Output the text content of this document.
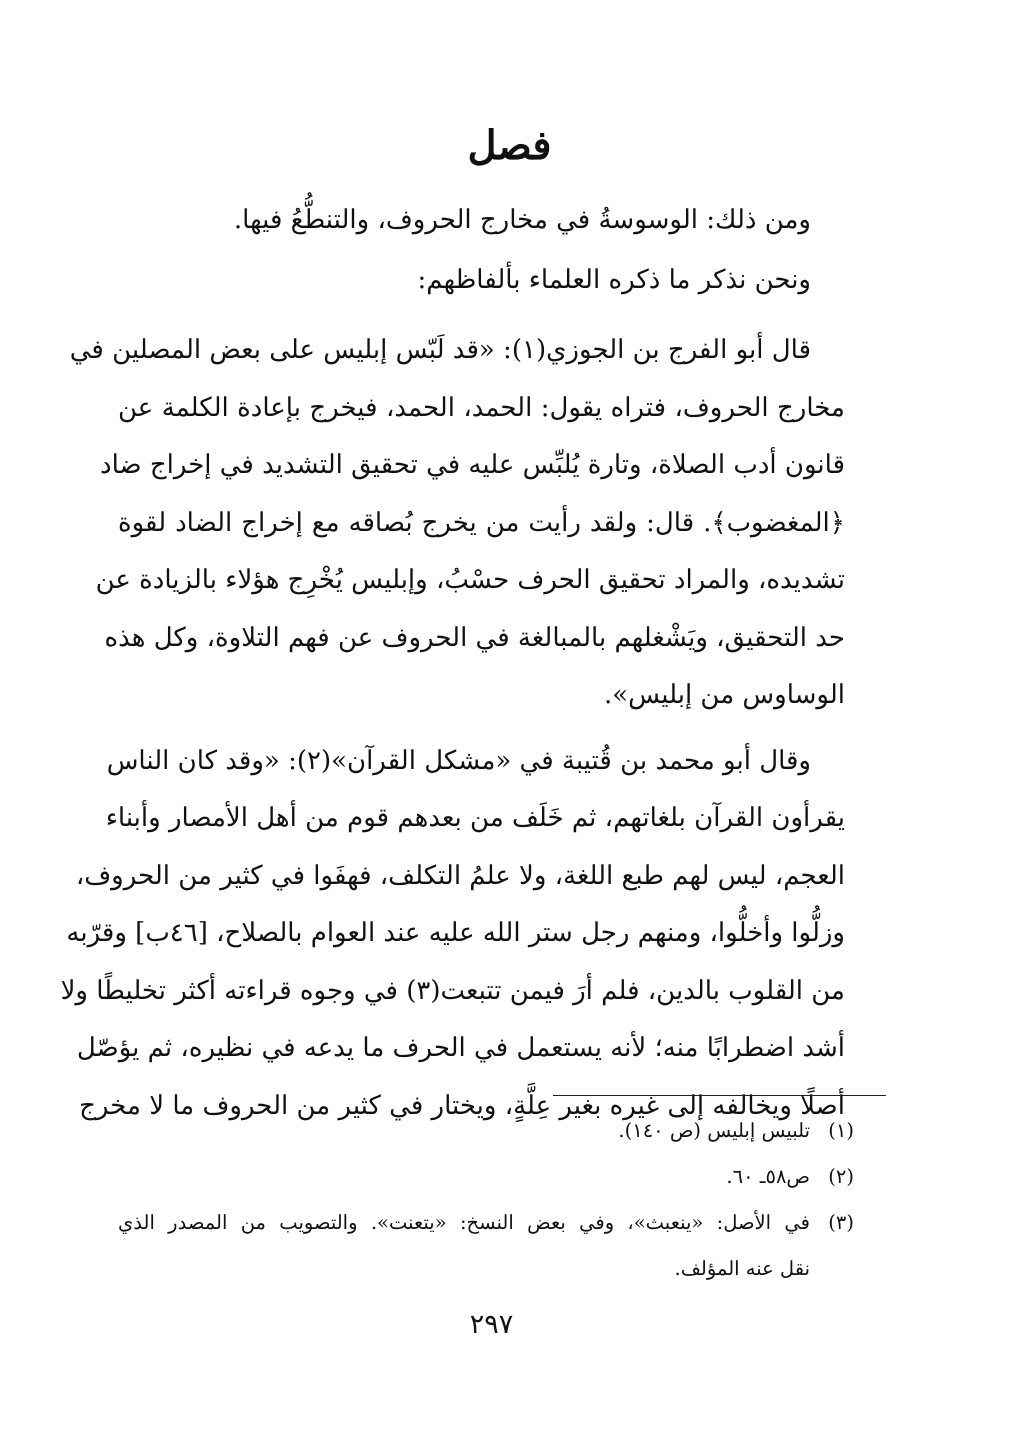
فصل
ومن ذلك: الوسوسةُ في مخارج الحروف، والتنطُّعُ فيها.
ونحن نذكر ما ذكره العلماء بألفاظهم:
قال أبو الفرج بن الجوزي(١): «قد لَبّس إبليس على بعض المصلين في
مخارج الحروف، فتراه يقول: الحمد، الحمد، فيخرج بإعادة الكلمة عن
قانون أدب الصلاة، وتارة يُلبِّس عليه في تحقيق التشديد في إخراج ضاد
﴿المغضوب﴾. قال: ولقد رأيت من يخرج بُصاقه مع إخراج الضاد لقوة
تشديده، والمراد تحقيق الحرف حسْبُ، وإبليس يُخْرِج هؤلاء بالزيادة عن
حد التحقيق، ويَشْغلهم بالمبالغة في الحروف عن فهم التلاوة، وكل هذه
الوساوس من إبليس».
وقال أبو محمد بن قُتيبة في «مشكل القرآن»(٢): «وقد كان الناس
يقرأون القرآن بلغاتهم، ثم خَلَف من بعدهم قوم من أهل الأمصار وأبناء
العجم، ليس لهم طبع اللغة، ولا علمُ التكلف، فهفَوا في كثير من الحروف،
وزلُّوا وأخلُّوا، ومنهم رجل ستر الله عليه عند العوام بالصلاح، [٤٦ب] وقرّبه
من القلوب بالدين، فلم أرَ فيمن تتبعت(٣) في وجوه قراءته أكثر تخليطًا ولا
أشد اضطرابًا منه؛ لأنه يستعمل في الحرف ما يدعه في نظيره، ثم يؤصّل
أصلًا ويخالفه إلى غيره بغير عِلَّةٍ، ويختار في كثير من الحروف ما لا مخرج
(١)
تلبيس إبليس (ص ١٤٠).
(٢)
ص٥٨ـ ٦٠.
(٣)
في الأصل: «ينعبث»، وفي بعض النسخ: «يتعنت». والتصويب من المصدر الذي
نقل عنه المؤلف.
٢٩٧
